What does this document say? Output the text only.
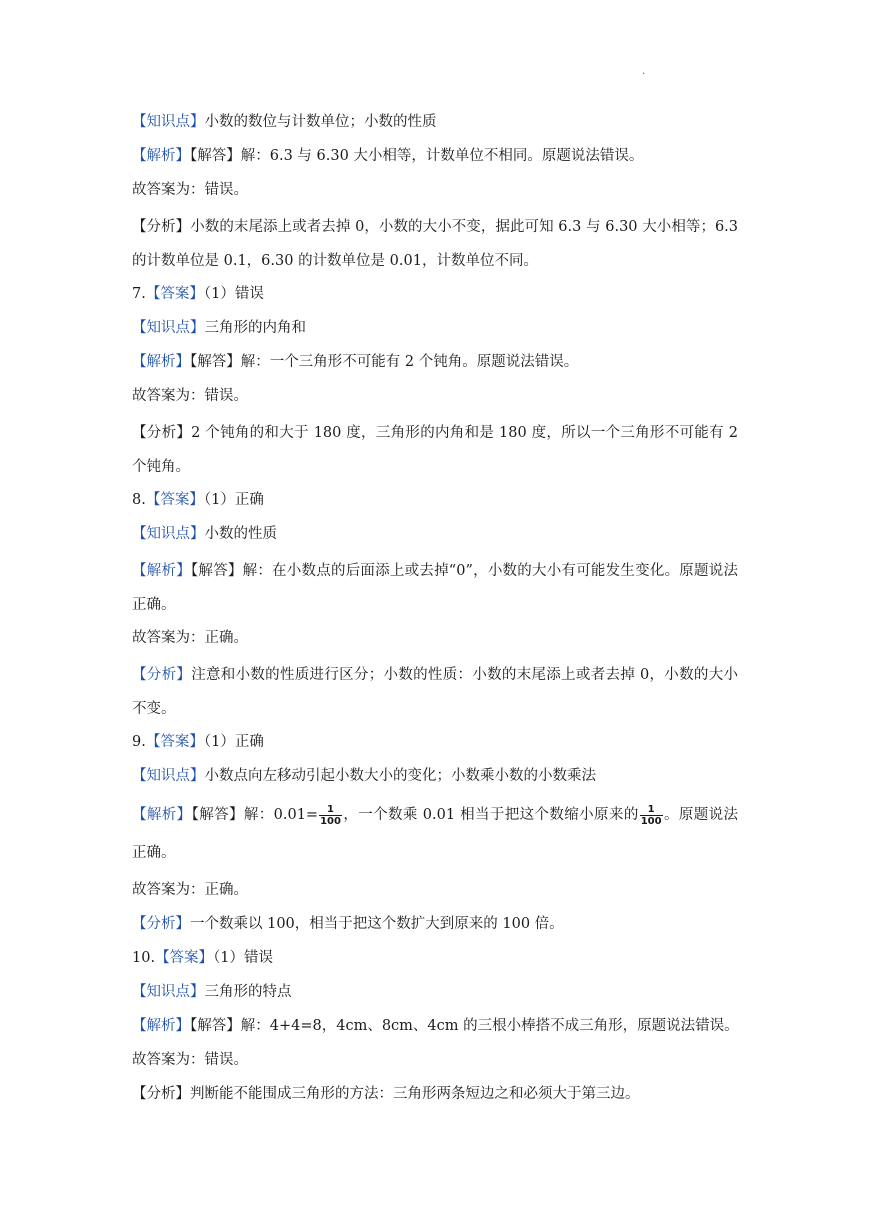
.
【知识点】小数的数位与计数单位；小数的性质
【解析】【解答】解：6.3 与 6.30 大小相等，计数单位不相同。原题说法错误。
故答案为：错误。
【分析】小数的末尾添上或者去掉 0，小数的大小不变，据此可知 6.3 与 6.30 大小相等；6.3 的计数单位是 0.1，6.30 的计数单位是 0.01，计数单位不同。
7.【答案】（1）错误
【知识点】三角形的内角和
【解析】【解答】解：一个三角形不可能有 2 个钝角。原题说法错误。
故答案为：错误。
【分析】2 个钝角的和大于 180 度，三角形的内角和是 180 度，所以一个三角形不可能有 2 个钝角。
8.【答案】（1）正确
【知识点】小数的性质
【解析】【解答】解：在小数点的后面添上或去掉“0”，小数的大小有可能发生变化。原题说法正确。
故答案为：正确。
【分析】注意和小数的性质进行区分；小数的性质：小数的末尾添上或者去掉 0，小数的大小不变。
9.【答案】（1）正确
【知识点】小数点向左移动引起小数大小的变化；小数乘小数的小数乘法
【解析】【解答】解：$0.01= \frac{1}{100}$ ，一个数乘 0.01 相当于把这个数缩小原来的 $\frac{1}{100}$ 。原题说法正确。
故答案为：正确。
【分析】一个数乘以 100，相当于把这个数扩大到原来的 100 倍。
10.【答案】（1）错误
【知识点】三角形的特点
【解析】【解答】解：4+4=8，4cm、8cm、4cm 的三根小棒搭不成三角形，原题说法错误。
故答案为：错误。
【分析】判断能不能围成三角形的方法：三角形两条短边之和必须大于第三边。
